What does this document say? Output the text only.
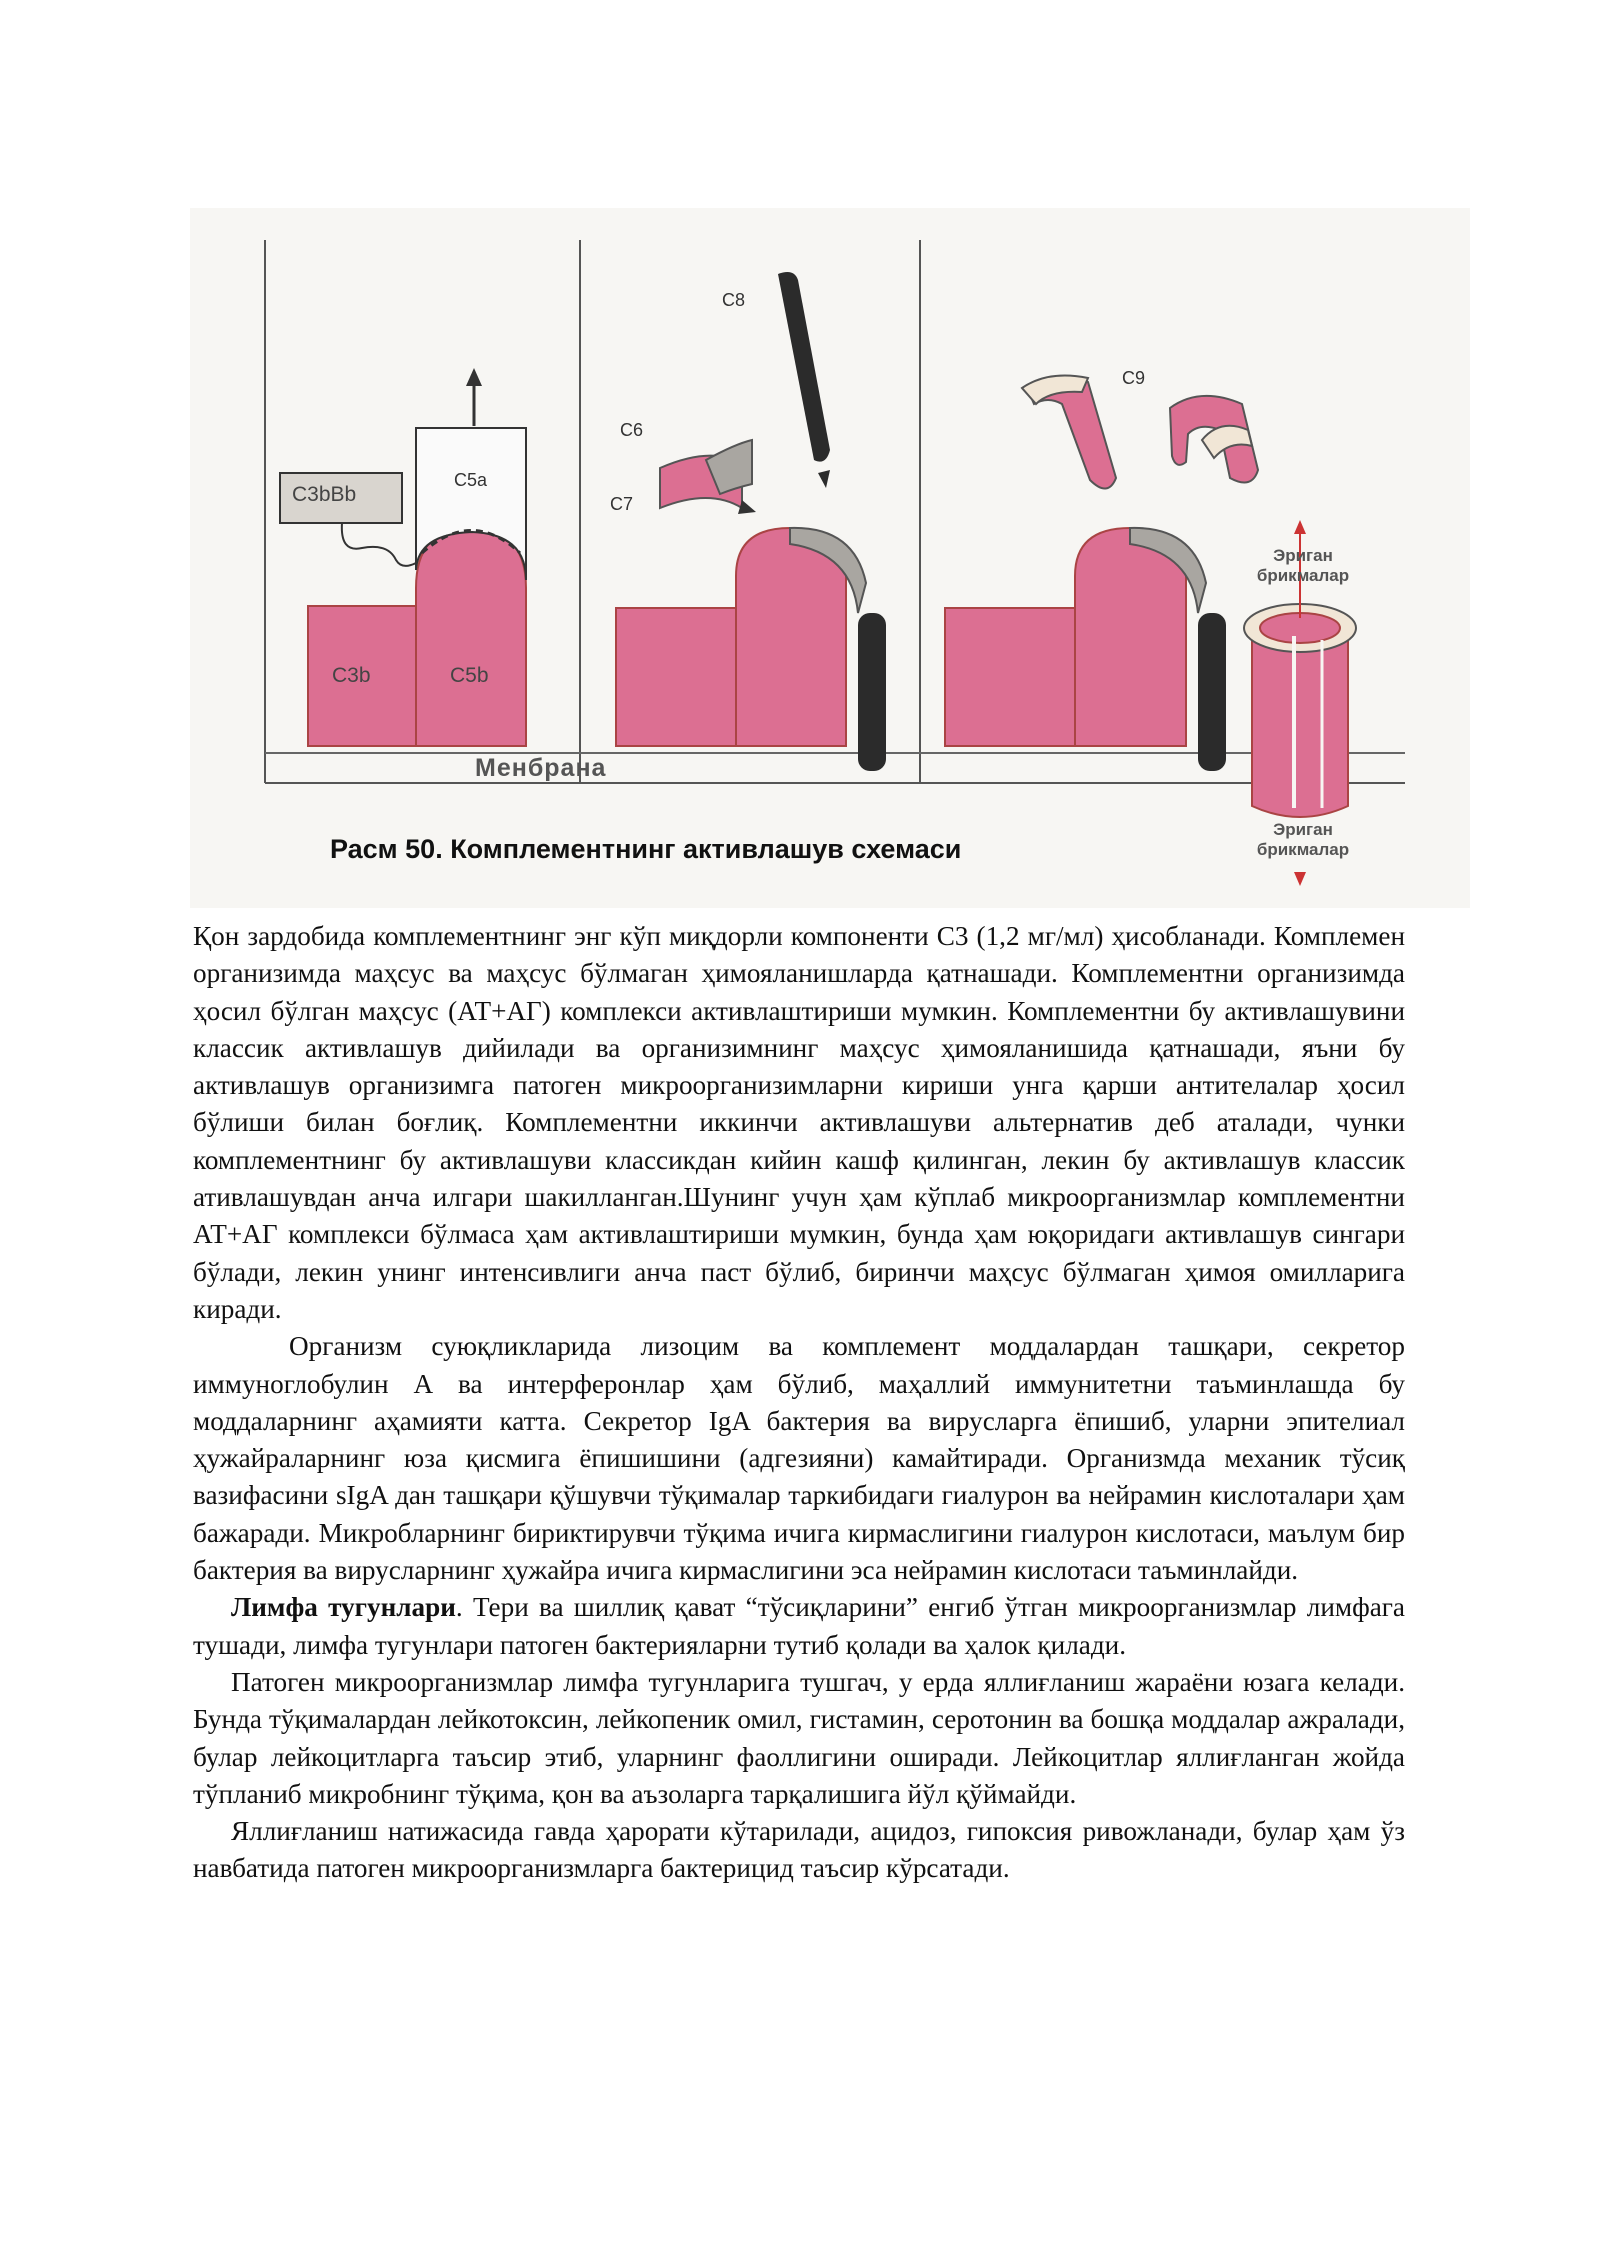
C3bBb
C5a
C3b	C5b
Менбрана
C8
C6
C7
C9
Эриган
брикмалар
Эриган
брикмалар
Расм 50. Комплементнинг активлашув схемаси

Қон зардобида комплементнинг энг кўп миқдорли компоненти С3 (1,2 мг/мл) ҳисобланади. Комплемен организимда маҳсус ва маҳсус бўлмаган ҳимояланишларда қатнашади. Комплементни организимда ҳосил бўлган маҳсус (АТ+АГ) комплекси активлаштириши мумкин. Комплементни бу активлашувини классик активлашув дийилади ва организимнинг маҳсус ҳимояланишида қатнашади, яъни бу активлашув организимга патоген микроорганизимларни кириши унга қарши антителалар ҳосил бўлиши билан боғлиқ. Комплементни иккинчи активлашуви альтернатив деб аталади, чунки комплементнинг бу активлашуви классикдан кийин кашф қилинган, лекин бу активлашув классик ативлашувдан анча илгари шакилланган.Шунинг учун ҳам кўплаб микроорганизмлар комплементни АТ+АГ комплекси бўлмаса ҳам активлаштириши мумкин, бунда ҳам юқоридаги активлашув сингари бўлади, лекин унинг интенсивлиги анча паст бўлиб, биринчи маҳсус бўлмаган ҳимоя омилларига киради.

Организм суюқликларида лизоцим ва комплемент моддалардан ташқари, секретор иммуноглобулин А ва интерферонлар ҳам бўлиб, маҳаллий иммунитетни таъминлашда бу моддаларнинг аҳамияти катта. Секретор IgA бактерия ва вирусларга ёпишиб, уларни эпителиал ҳужайраларнинг юза қисмига ёпишишини (адгезияни) камайтиради. Организмда механик тўсиқ вазифасини sIgA дан ташқари қўшувчи тўқималар таркибидаги гиалурон ва нейрамин кислоталари ҳам бажаради. Микробларнинг бириктирувчи тўқима ичига кирмаслигини гиалурон кислотаси, маълум бир бактерия ва вирусларнинг ҳужайра ичига кирмаслигини эса нейрамин кислотаси таъминлайди.

Лимфа тугунлари. Тери ва шиллиқ қават “тўсиқларини” енгиб ўтган микроорганизмлар лимфага тушади, лимфа тугунлари патоген бактерияларни тутиб қолади ва ҳалок қилади.

Патоген микроорганизмлар лимфа тугунларига тушгач, у ерда яллиғланиш жараёни юзага келади. Бунда тўқималардан лейкотоксин, лейкопеник омил, гистамин, серотонин ва бошқа моддалар ажралади, булар лейкоцитларга таъсир этиб, уларнинг фаоллигини оширади. Лейкоцитлар яллиғланган жойда тўпланиб микробнинг тўқима, қон ва аъзоларга тарқалишига йўл қўймайди.

Яллиғланиш натижасида гавда ҳарорати кўтарилади, ацидоз, гипоксия ривожланади, булар ҳам ўз навбатида патоген микроорганизмларга бактерицид таъсир кўрсатади.
